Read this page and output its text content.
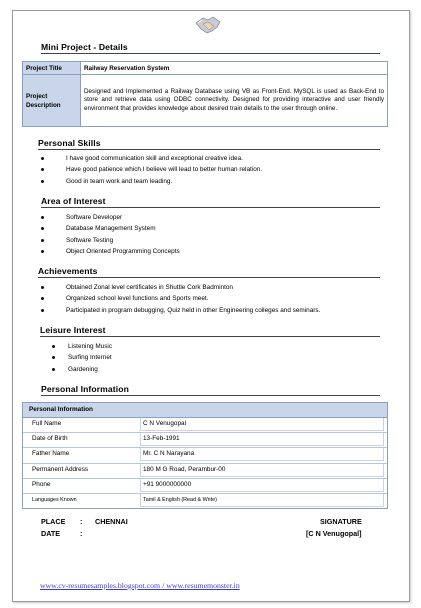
Mini Project - Details
Project Title	Railway Reservation System
Project Description	Designed and Implemented a Railway Database using VB as Front-End. MySQL is used as Back-End to store and retrieve data using ODBC connectivity. Designed for providing interactive and user friendly environment that provides knowledge about desired train details to the user through online.
Personal Skills
I have good communication skill and exceptional creative idea.
Have good patience which I believe will lead to better human relation.
Good in team work and team leading.
Area of Interest
Software Developer
Database Management System
Software Testing
Object Oriented Programming Concepts
Achievements
Obtained Zonal level certificates in Shuttle Cork Badminton
Organized school level functions and Sports meet.
Participated in program debugging, Quiz held in other Engineering colleges and seminars.
Leisure Interest
Listening Music
Surfing Internet
Gardening
Personal Information
Personal Information
Full Name	C N Venugopal
Date of Birth	13-Feb-1991
Father Name	Mr. C N Narayana
Permanent Address	180 M G Road, Perambur-00
Phone	+91 9000000000
Languages Known	Tamil & English (Read & Write)
PLACE : CHENNAI
DATE	:
SIGNATURE
[C N Venugopal]
www.cv-resumesamples.blogspot.com / www.resumemonster.in
